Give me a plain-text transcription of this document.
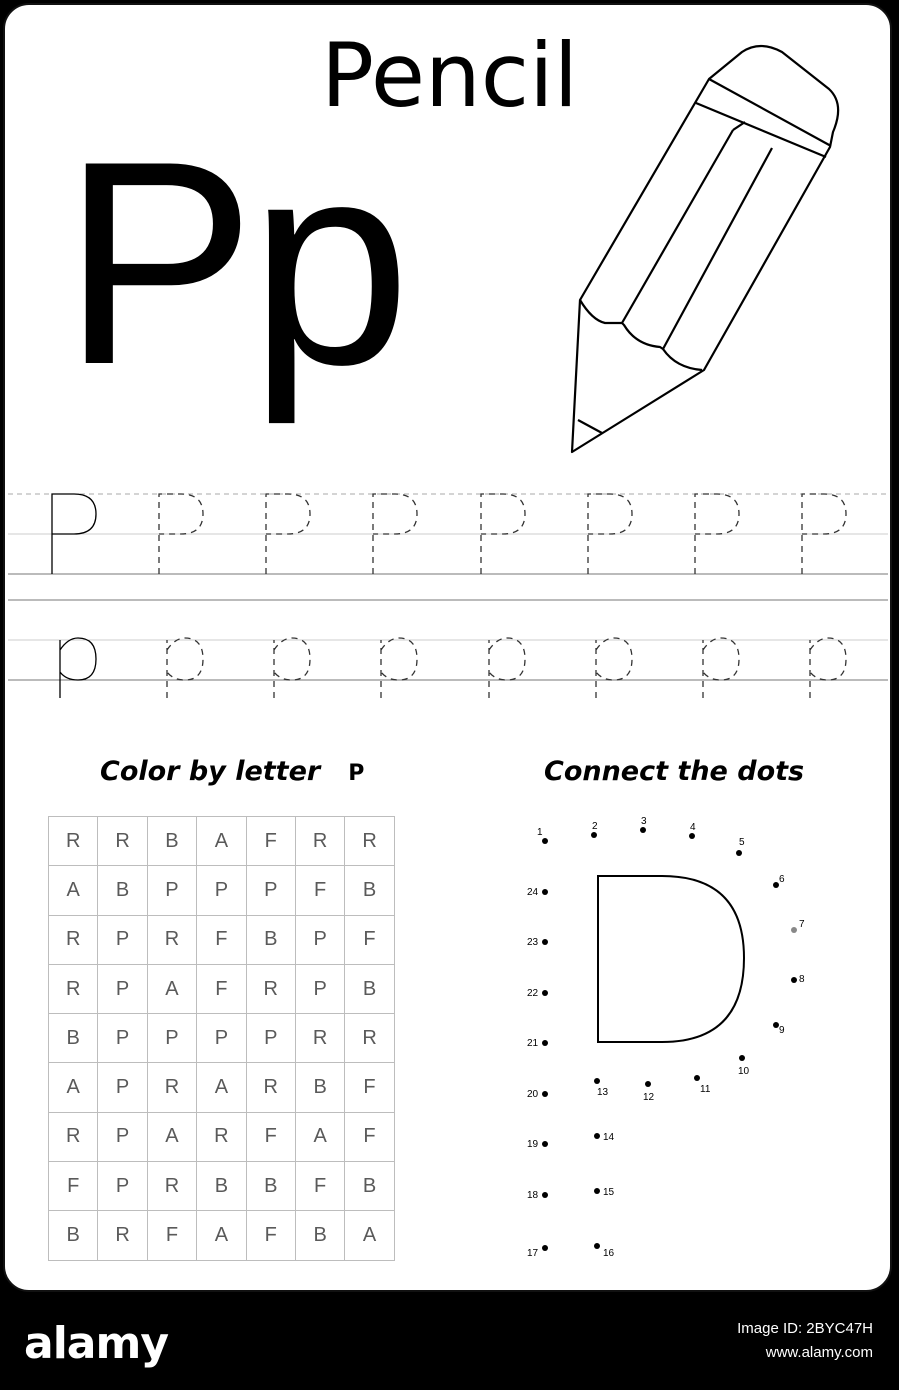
Pencil
Pp
Color by letter P
R	R	B	A	F	R	R
A	B	P	P	P	F	B
R	P	R	F	B	P	F
R	P	A	F	R	P	B
B	P	P	P	P	R	R
A	P	R	A	R	B	F
R	P	A	R	F	A	F
F	P	R	B	B	F	B
B	R	F	A	F	B	A
Connect the dots
1
2	3
4
5
6
7
8
9
10
11
12
13
14
15
16
17
18
19
20
21
22
23
24
alamy	Image ID: 2BYC47H
www.alamy.com
